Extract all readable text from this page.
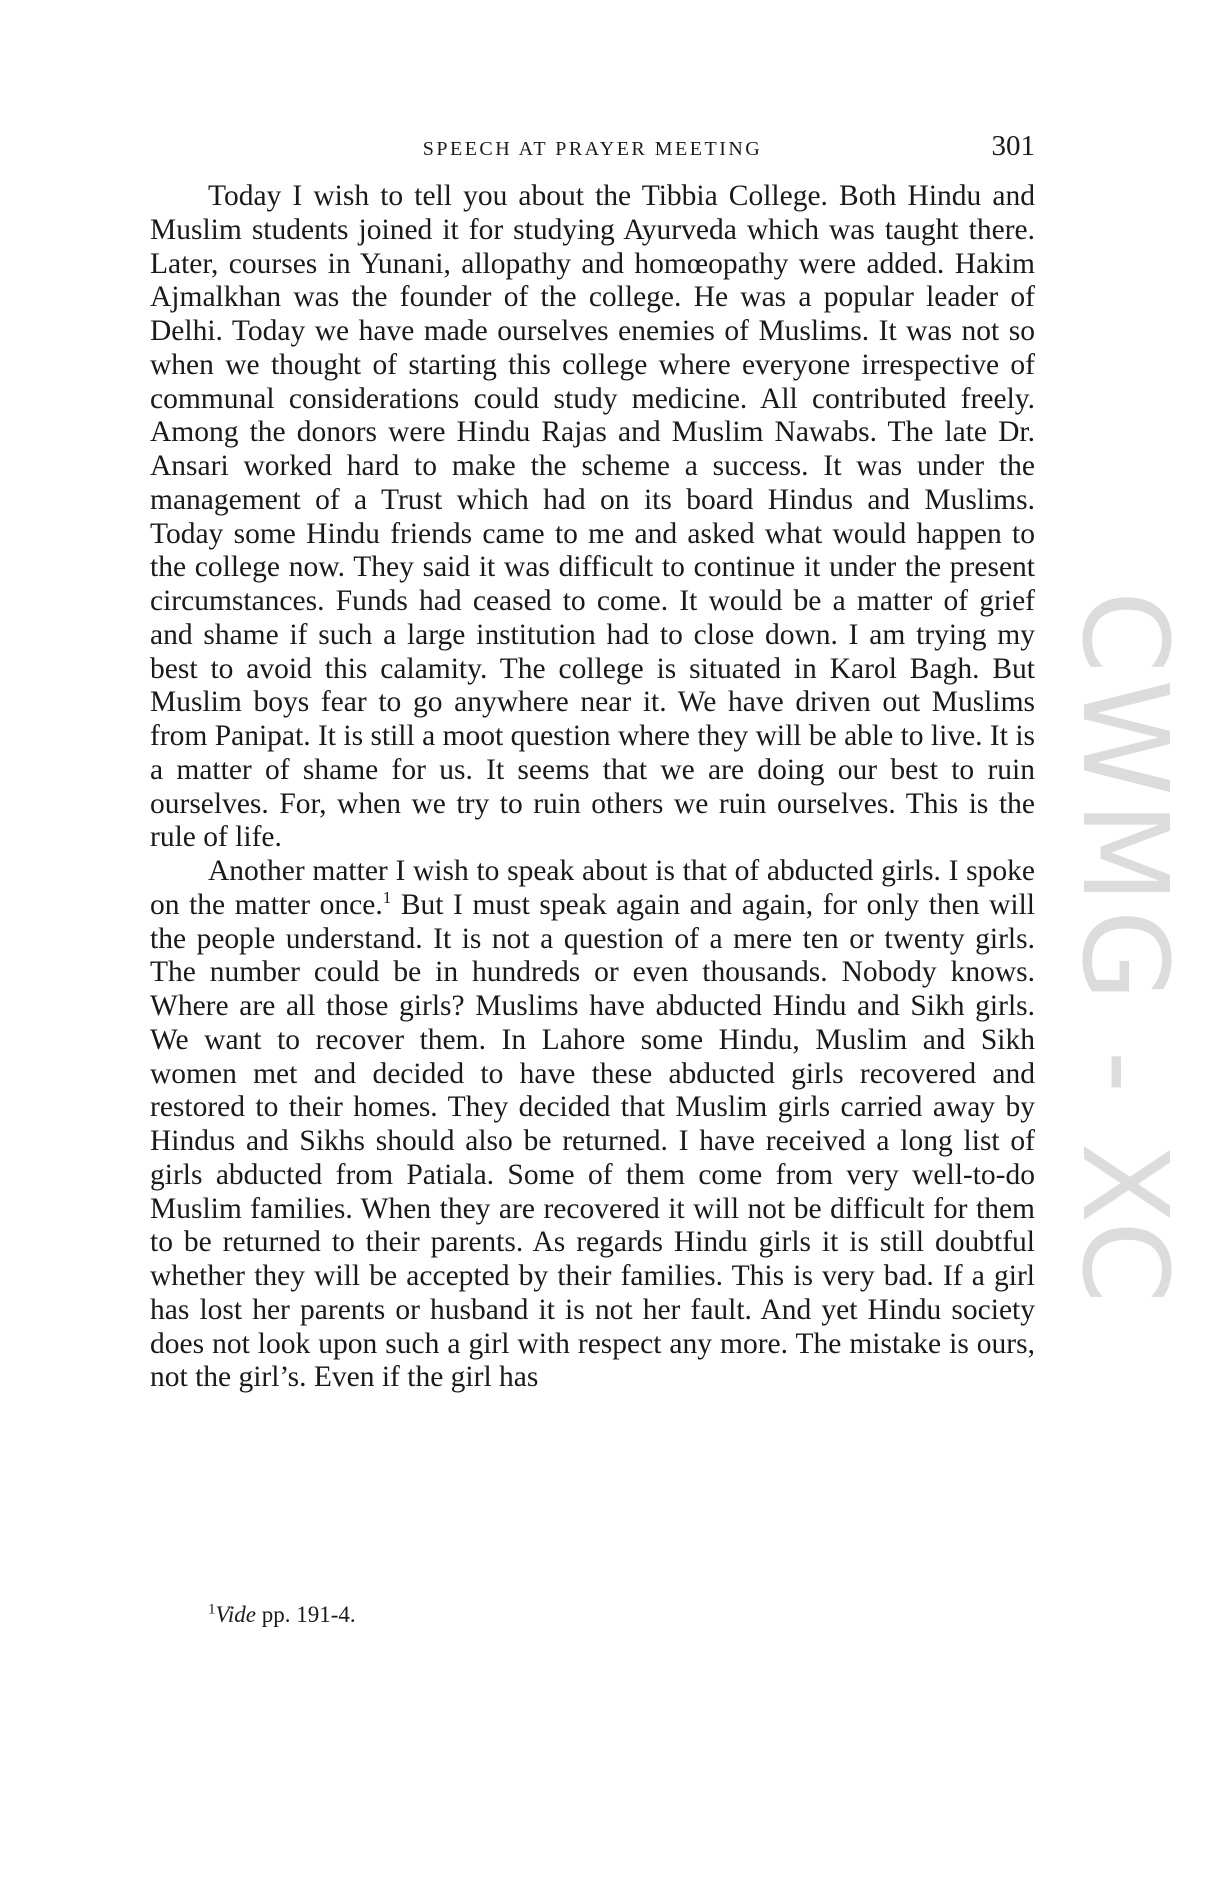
SPEECH AT PRAYER MEETING	301

Today I wish to tell you about the Tibbia College. Both Hindu and Muslim students joined it for studying Ayurveda which was taught there. Later, courses in Yunani, allopathy and homœopathy were added. Hakim Ajmalkhan was the founder of the college. He was a popular leader of Delhi. Today we have made ourselves enemies of Muslims. It was not so when we thought of starting this college where everyone irrespective of communal considerations could study medicine. All contributed freely. Among the donors were Hindu Rajas and Muslim Nawabs. The late Dr. Ansari worked hard to make the scheme a success. It was under the management of a Trust which had on its board Hindus and Muslims. Today some Hindu friends came to me and asked what would happen to the college now. They said it was difficult to continue it under the present circumstances. Funds had ceased to come. It would be a matter of grief and shame if such a large institution had to close down. I am trying my best to avoid this calamity. The college is situated in Karol Bagh. But Muslim boys fear to go anywhere near it. We have driven out Muslims from Panipat. It is still a moot question where they will be able to live. It is a matter of shame for us. It seems that we are doing our best to ruin ourselves. For, when we try to ruin others we ruin ourselves. This is the rule of life.

Another matter I wish to speak about is that of abducted girls. I spoke on the matter once.$^1$ But I must speak again and again, for only then will the people understand. It is not a question of a mere ten or twenty girls. The number could be in hundreds or even thousands. Nobody knows. Where are all those girls? Muslims have abducted Hindu and Sikh girls. We want to recover them. In Lahore some Hindu, Muslim and Sikh women met and decided to have these abducted girls recovered and restored to their homes. They decided that Muslim girls carried away by Hindus and Sikhs should also be returned. I have received a long list of girls abducted from Patiala. Some of them come from very well-to-do Muslim families. When they are recovered it will not be difficult for them to be returned to their parents. As regards Hindu girls it is still doubtful whether they will be accepted by their families. This is very bad. If a girl has lost her parents or husband it is not her fault. And yet Hindu society does not look upon such a girl with respect any more. The mistake is ours, not the girl’s. Even if the girl has

$^1$Vide pp. 191-4.
CWMG - XC
